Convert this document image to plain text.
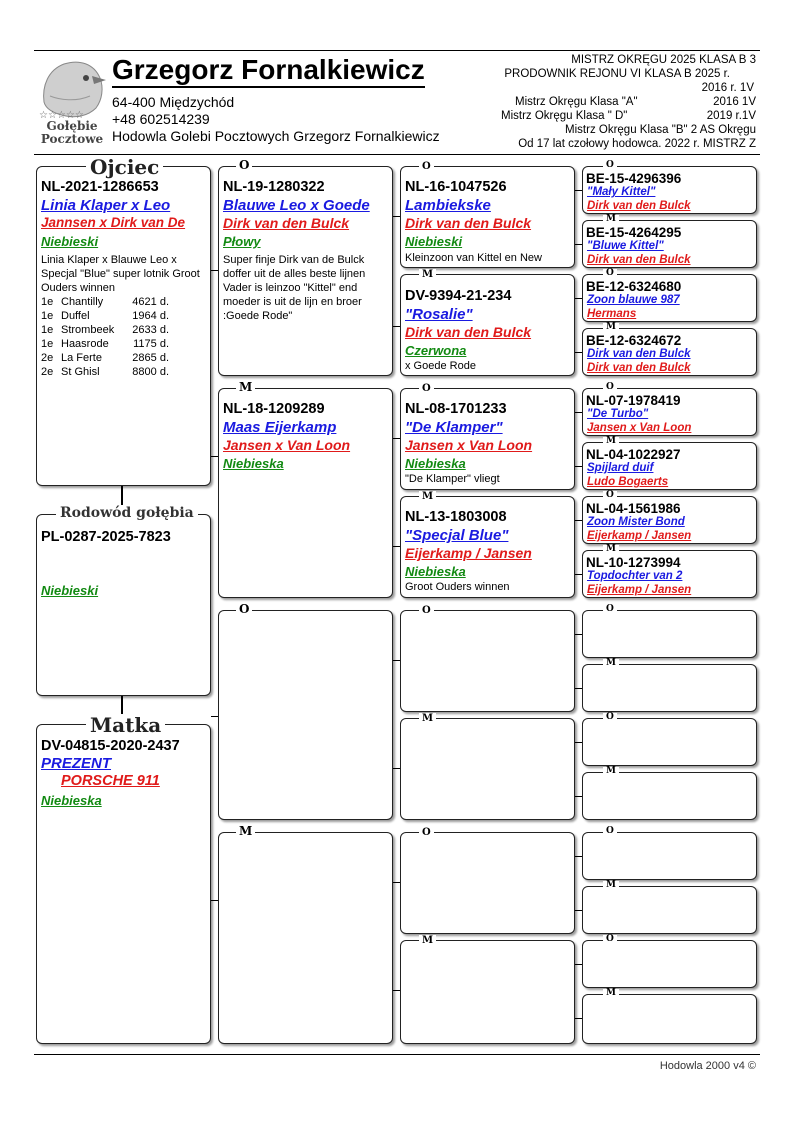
☆☆☆☆☆
Gołębie Pocztowe
Grzegorz Fornalkiewicz
64-400 Międzychód
+48 602514239
Hodowla Golebi Pocztowych Grzegorz Fornalkiewicz
MISTRZ OKRĘGU 2025 KLASA B 3
PRODOWNIK REJONU VI KLASA B 2025 r.
2016 r. 1V
Mistrz Okręgu Klasa "A"	2016 1V
Mistrz Okręgu Klasa " D"	2019 r.1V
Mistrz Okręgu Klasa "B" 2 AS Okręgu
Od 17 lat czołowy hodowca. 2022 r. MISTRZ Z
NL-2021-1286653
Linia Klaper x Leo
Jannsen x Dirk van De
Niebieski
Linia Klaper x Blauwe Leo x Specjal "Blue" super lotnik Groot Ouders winnen
1e	Chantilly	4621 d.
1e	Duffel	1964 d.
1e	Strombeek	2633 d.
1e	Haasrode	1175 d.
2e	La Ferte	2865 d.
2e	St Ghisl	8800 d.
Ojciec
PL-0287-2025-7823
Niebieski
Rodowód gołębia
DV-04815-2020-2437
PREZENT
PORSCHE 911
Niebieska
Matka
NL-19-1280322
Blauwe Leo x Goede
Dirk van den Bulck
Płowy
Super finje Dirk van de Bulck doffer uit de alles beste lijnen Vader is leinzoo "Kittel" end moeder is uit de lijn en broer :Goede Rode"
O
NL-18-1209289
Maas Eijerkamp
Jansen x Van Loon
Niebieska
M
O
M
NL-16-1047526
Lambiekske
Dirk van den Bulck
Niebieski
Kleinzoon van Kittel en New
O
DV-9394-21-234
"Rosalie"
Dirk van den Bulck
Czerwona
x Goede Rode
M
NL-08-1701233
"De Klamper"
Jansen x Van Loon
Niebieska
"De Klamper" vliegt
O
NL-13-1803008
"Specjal Blue"
Eijerkamp / Jansen
Niebieska
Groot Ouders winnen
M
O
M
O
M
BE-15-4296396
"Mały Kittel"
Dirk van den Bulck
O
BE-15-4264295
"Bluwe Kittel"
Dirk van den Bulck
M
BE-12-6324680
Zoon blauwe 987
Hermans
O
BE-12-6324672
Dirk van den Bulck
Dirk van den Bulck
M
NL-07-1978419
"De Turbo"
Jansen x Van Loon
O
NL-04-1022927
Spijlard duif
Ludo Bogaerts
M
NL-04-1561986
Zoon Mister Bond
Eijerkamp / Jansen
O
NL-10-1273994
Topdochter van 2
Eijerkamp / Jansen
M
O
M
O
M
O
M
O
M
Hodowla 2000 v4 ©
